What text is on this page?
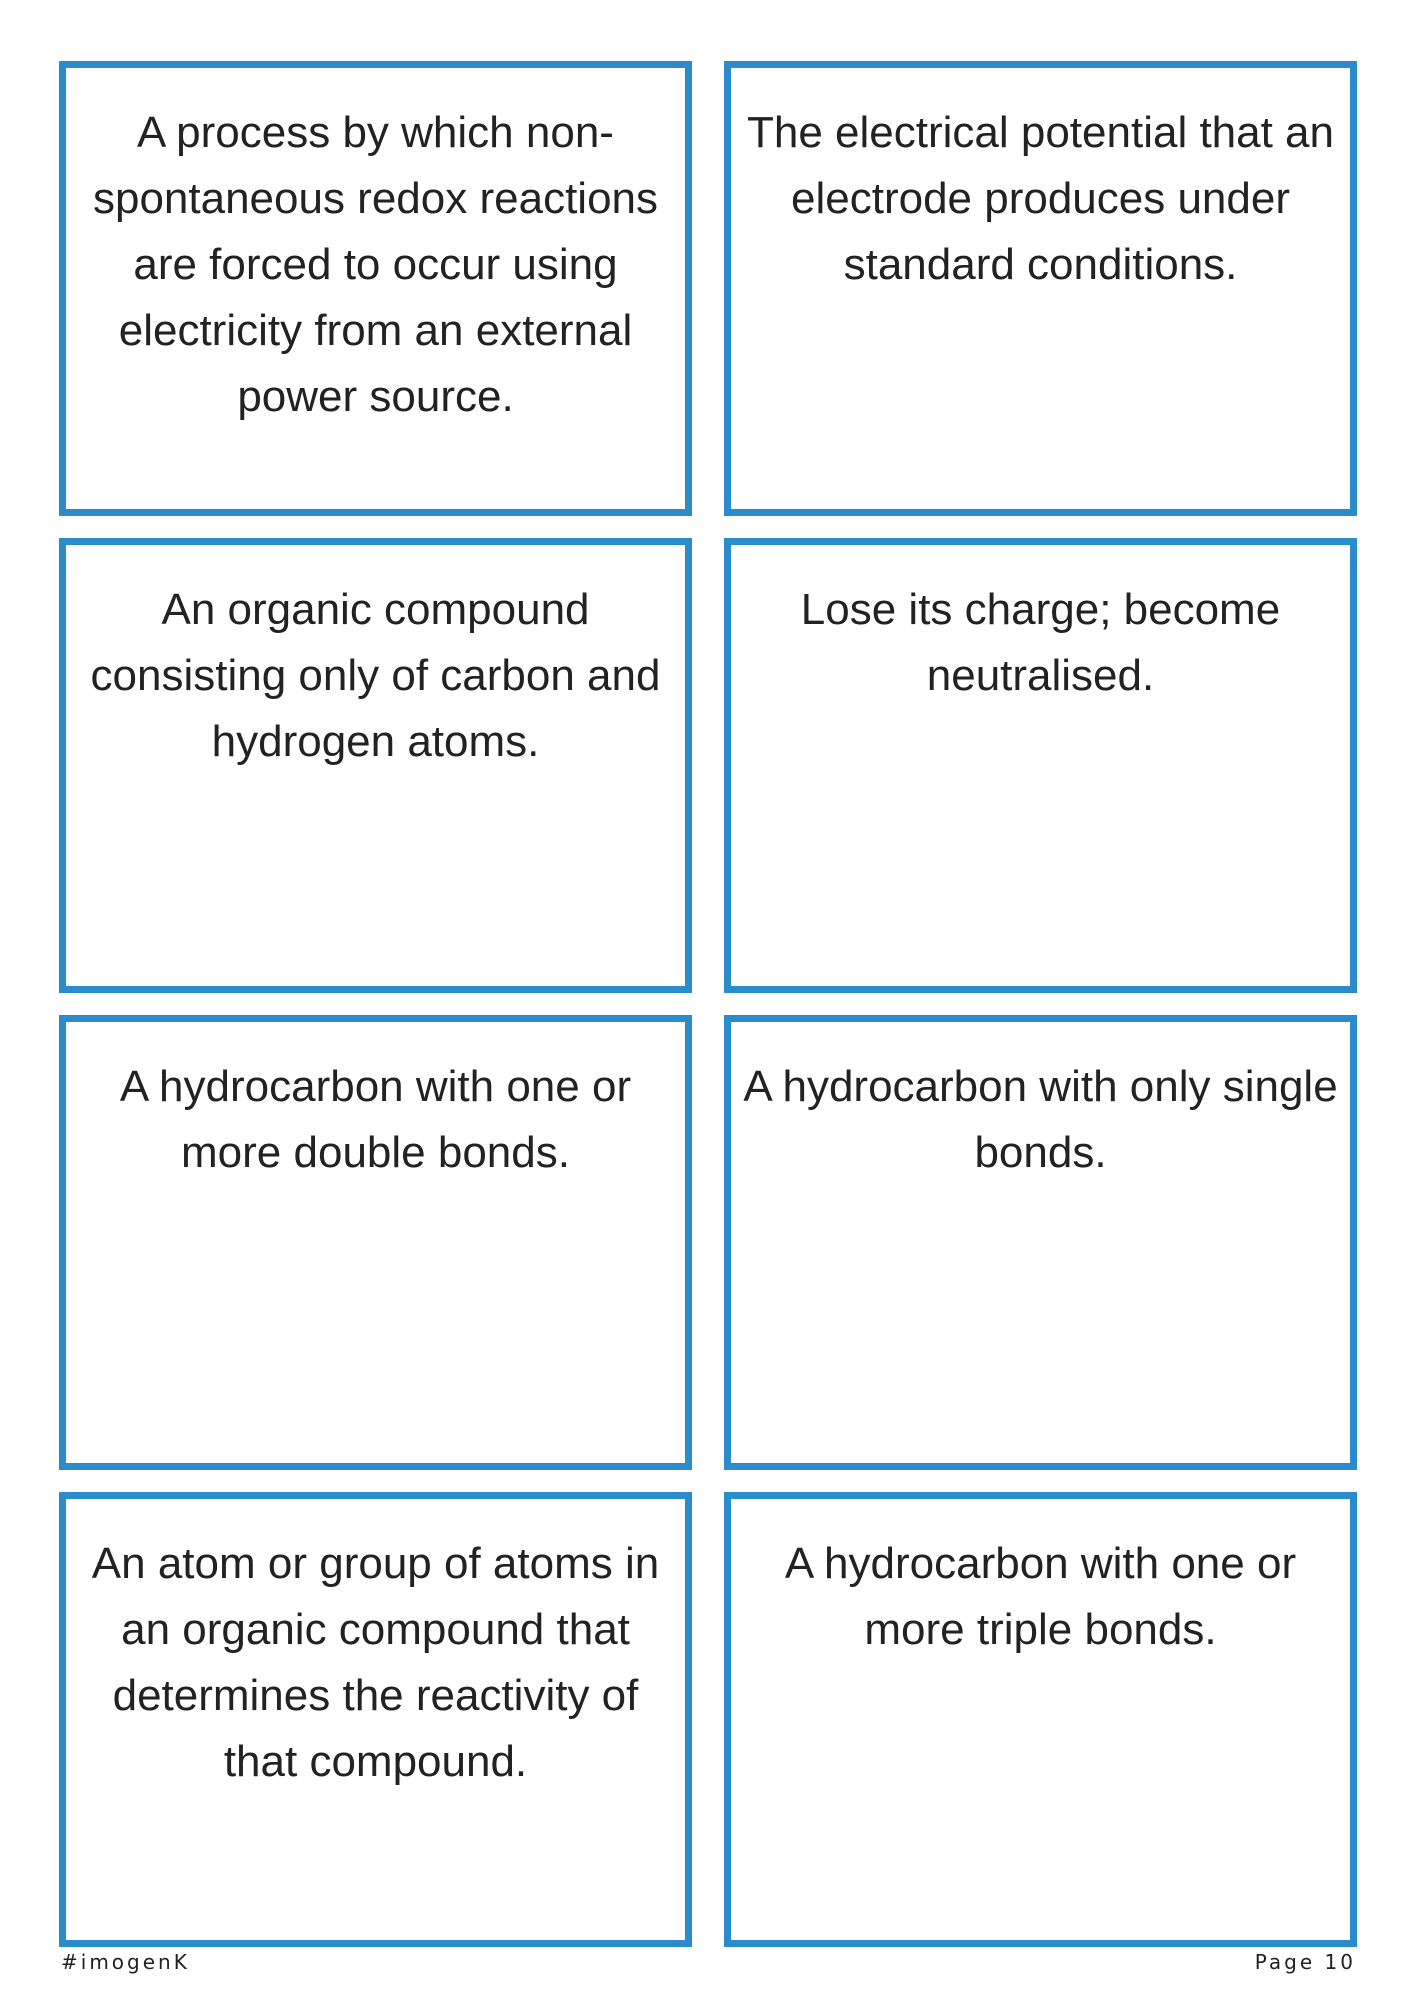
A process by which non-spontaneous redox reactions are forced to occur using electricity from an external power source.
The electrical potential that an electrode produces under standard conditions.
An organic compound consisting only of carbon and hydrogen atoms.
Lose its charge; become neutralised.
A hydrocarbon with one or more double bonds.
A hydrocarbon with only single bonds.
An atom or group of atoms in an organic compound that determines the reactivity of that compound.
A hydrocarbon with one or more triple bonds.
#imogenK	Page 10
